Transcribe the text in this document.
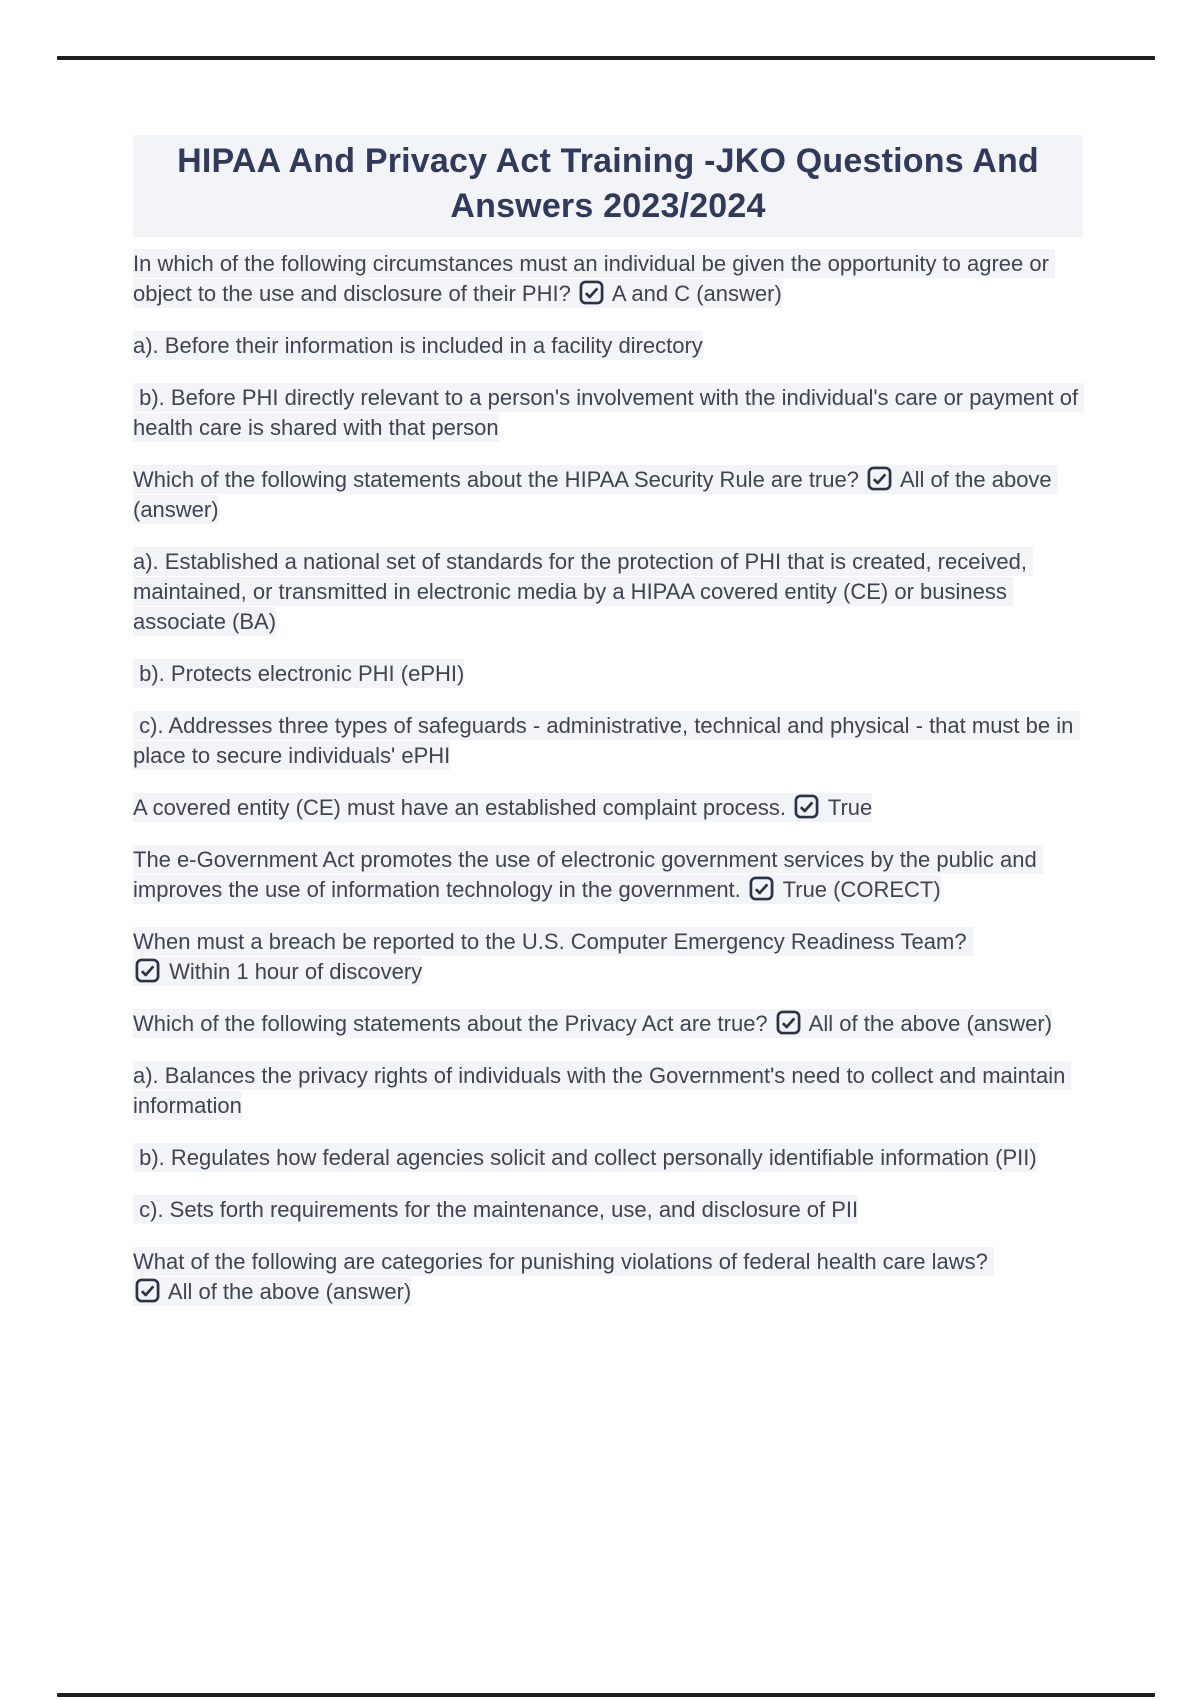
HIPAA And Privacy Act Training -JKO Questions And Answers 2023/2024

In which of the following circumstances must an individual be given the opportunity to agree or object to the use and disclosure of their PHI?
A and C (answer)

a). Before their information is included in a facility directory

b). Before PHI directly relevant to a person's involvement with the individual's care or payment of health care is shared with that person

Which of the following statements about the HIPAA Security Rule are true?
All of the above (answer)

a). Established a national set of standards for the protection of PHI that is created, received, maintained, or transmitted in electronic media by a HIPAA covered entity (CE) or business associate (BA)

b). Protects electronic PHI (ePHI)

c). Addresses three types of safeguards - administrative, technical and physical - that must be in place to secure individuals' ePHI

A covered entity (CE) must have an established complaint process.
True

The e-Government Act promotes the use of electronic government services by the public and improves the use of information technology in the government.
True (CORECT)

When must a breach be reported to the U.S. Computer Emergency Readiness Team?
Within 1 hour of discovery

Which of the following statements about the Privacy Act are true?
All of the above (answer)

a). Balances the privacy rights of individuals with the Government's need to collect and maintain information

b). Regulates how federal agencies solicit and collect personally identifiable information (PII)

c). Sets forth requirements for the maintenance, use, and disclosure of PII

What of the following are categories for punishing violations of federal health care laws?
All of the above (answer)
